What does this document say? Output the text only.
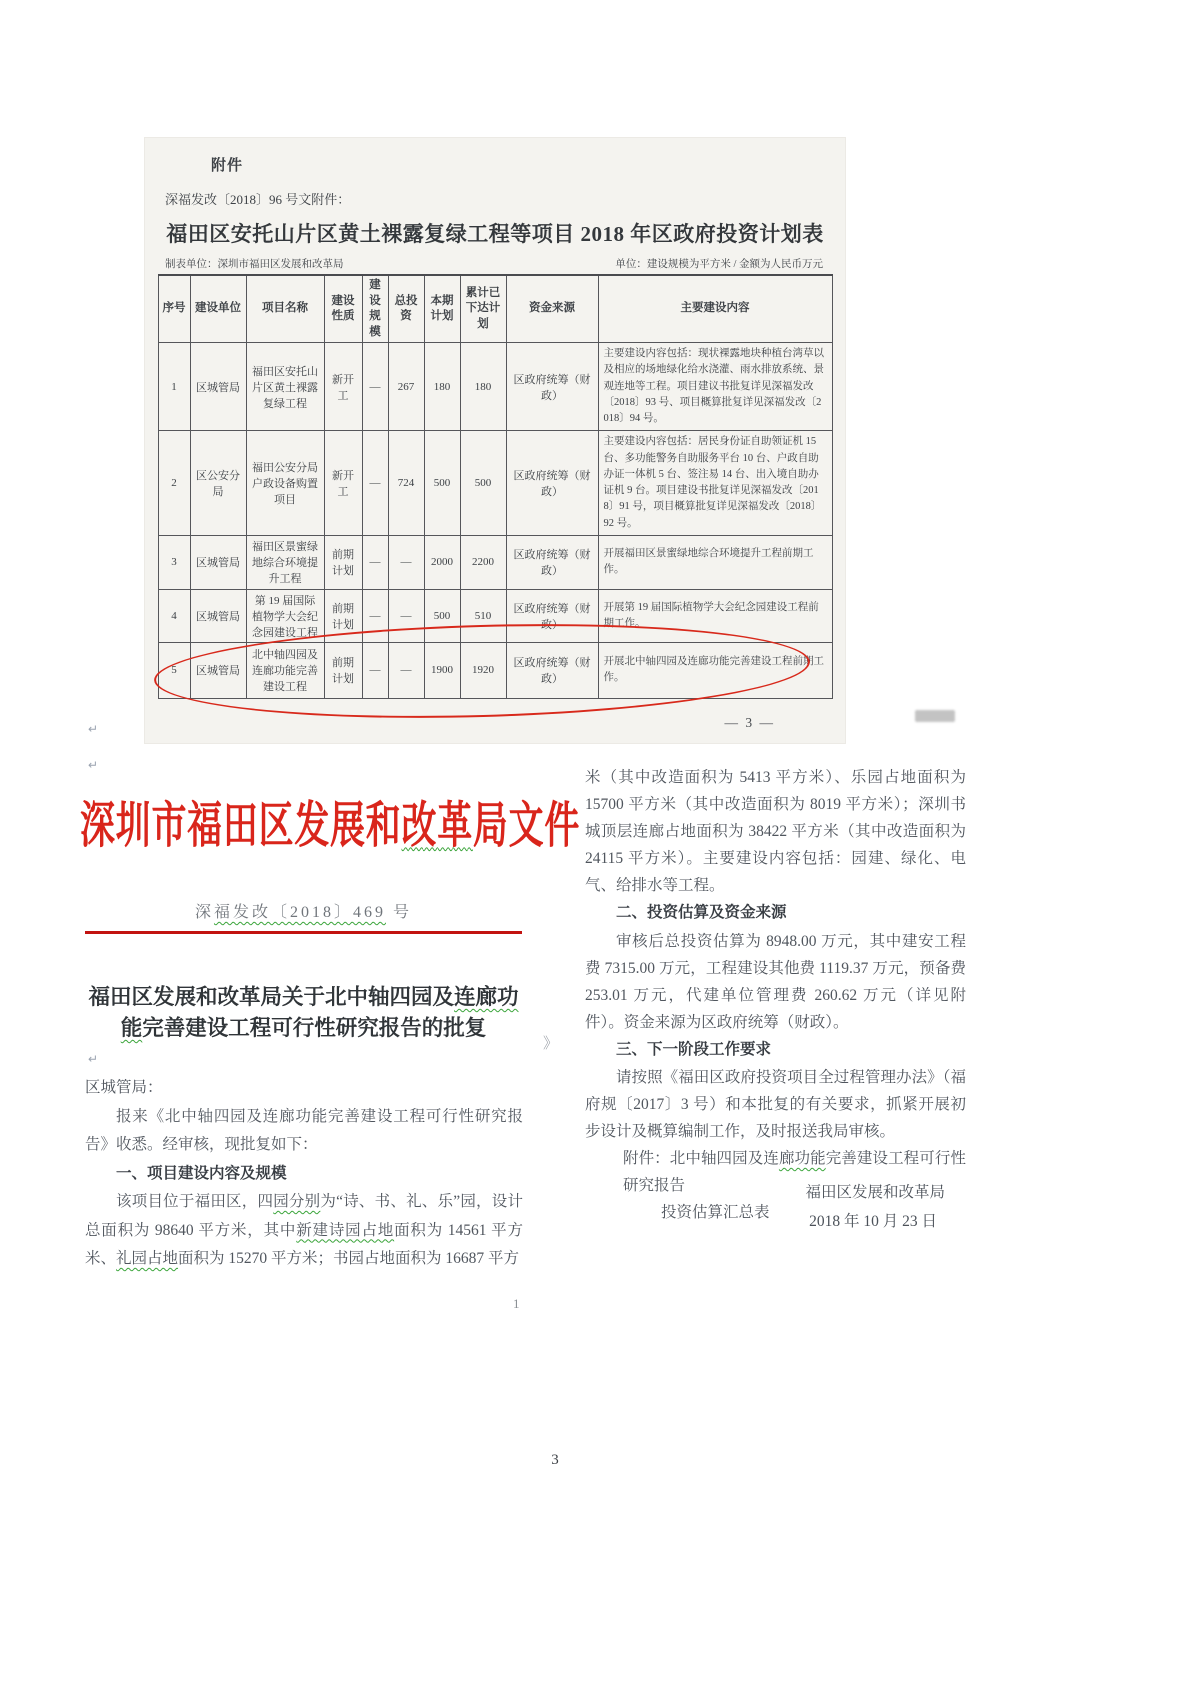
附件
深福发改〔2018〕96 号文附件：
福田区安托山片区黄土裸露复绿工程等项目 2018 年区政府投资计划表
制表单位：深圳市福田区发展和改革局	单位：建设规模为平方米 / 金额为人民币万元
序号	建设单位	项目名称	建设性质	建设规模	总投资	本期计划	累计已下达计划	资金来源	主要建设内容
1	区城管局	福田区安托山片区黄土裸露复绿工程	新开工	—	267	180	180	区政府统筹（财政）	主要建设内容包括：现状裸露地块种植台湾草以及相应的场地绿化给水浇灌、雨水排放系统、景观连地等工程。项目建议书批复详见深福发改〔2018〕93 号、项目概算批复详见深福发改〔2018〕94 号。
2	区公安分局	福田公安分局户政设备购置项目	新开工	—	724	500	500	区政府统筹（财政）	主要建设内容包括：居民身份证自助领证机 15 台、多功能警务自助服务平台 10 台、户政自助办证一体机 5 台、签注易 14 台、出入境自助办证机 9 台。项目建设书批复详见深福发改〔2018〕91 号，项目概算批复详见深福发改〔2018〕92 号。
3	区城管局	福田区景蜜绿地综合环境提升工程	前期计划	—	—	2000	2200	区政府统筹（财政）	开展福田区景蜜绿地综合环境提升工程前期工作。
4	区城管局	第 19 届国际植物学大会纪念园建设工程	前期计划	—	—	500	510	区政府统筹（财政）	开展第 19 届国际植物学大会纪念园建设工程前期工作。
5	区城管局	北中轴四园及连廊功能完善建设工程	前期计划	—	—	1900	1920	区政府统筹（财政）	开展北中轴四园及连廊功能完善建设工程前期工作。
— 3 —
↵
↵
↵
》
深圳市福田区发展和改革局文件
深福发改〔2018〕469 号
福田区发展和改革局关于北中轴四园及连廊功
能完善建设工程可行性研究报告的批复

区城管局：

报来《北中轴四园及连廊功能完善建设工程可行性研究报告》收悉。经审核，现批复如下：

一、项目建设内容及规模

该项目位于福田区，四园分别为“诗、书、礼、乐”园，设计总面积为 98640 平方米，其中新建诗园占地面积为 14561 平方米、礼园占地面积为 15270 平方米；书园占地面积为 16687 平方

1

米（其中改造面积为 5413 平方米）、乐园占地面积为 15700 平方米（其中改造面积为 8019 平方米）；深圳书城顶层连廊占地面积为 38422 平方米（其中改造面积为 24115 平方米）。主要建设内容包括：园建、绿化、电气、给排水等工程。

二、投资估算及资金来源

审核后总投资估算为 8948.00 万元，其中建安工程费 7315.00 万元，工程建设其他费 1119.37 万元，预备费 253.01 万元，代建单位管理费 260.62 万元（详见附件）。资金来源为区政府统筹（财政）。

三、下一阶段工作要求

请按照《福田区政府投资项目全过程管理办法》（福府规〔2017〕3 号）和本批复的有关要求，抓紧开展初步设计及概算编制工作，及时报送我局审核。

附件：北中轴四园及连廊功能完善建设工程可行性研究报告

投资估算汇总表

福田区发展和改革局
2018 年 10 月 23 日
3
